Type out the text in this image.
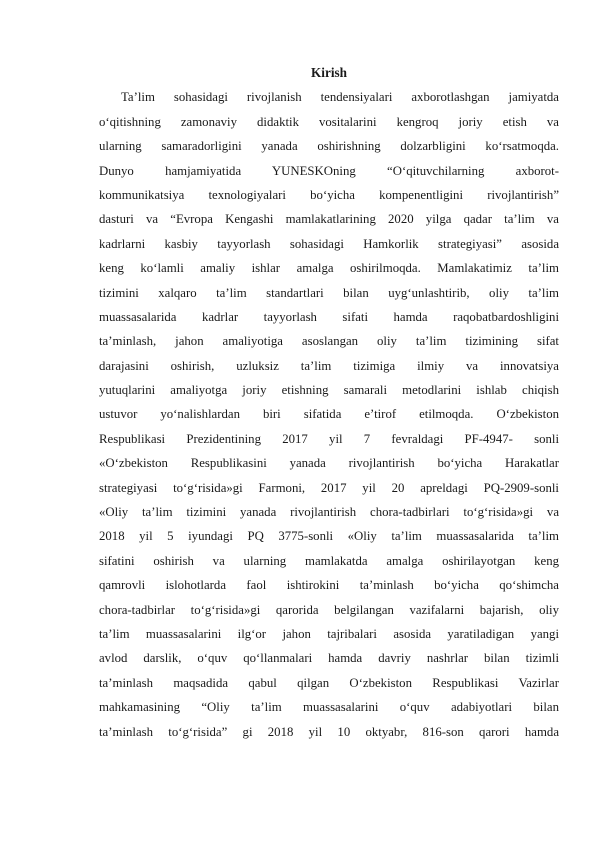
Kirish
Ta’lim sohasidagi rivojlanish tendensiyalari axborotlashgan jamiyatda
o‘qitishning zamonaviy didaktik vositalarini kengroq joriy etish va
ularning samaradorligini yanada oshirishning dolzarbligini ko‘rsatmoqda.
Dunyo hamjamiyatida YUNESKOning “O‘qituvchilarning axborot-
kommunikatsiya texnologiyalari bo‘yicha kompenentligini rivojlantirish”
dasturi va “Evropa Kengashi mamlakatlarining 2020 yilga qadar ta’lim va
kadrlarni kasbiy tayyorlash sohasidagi Hamkorlik strategiyasi” asosida
keng ko‘lamli amaliy ishlar amalga oshirilmoqda. Mamlakatimiz ta’lim
tizimini xalqaro ta’lim standartlari bilan uyg‘unlashtirib, oliy ta’lim
muassasalarida kadrlar tayyorlash sifati hamda raqobatbardoshligini
ta’minlash, jahon amaliyotiga asoslangan oliy ta’lim tizimining sifat
darajasini oshirish, uzluksiz ta’lim tizimiga ilmiy va innovatsiya
yutuqlarini amaliyotga joriy etishning samarali metodlarini ishlab chiqish
ustuvor yo‘nalishlardan biri sifatida e’tirof etilmoqda. O‘zbekiston
Respublikasi Prezidentining 2017 yil 7 fevraldagi PF-4947- sonli
«O‘zbekiston Respublikasini yanada rivojlantirish bo‘yicha Harakatlar
strategiyasi to‘g‘risida»gi Farmoni, 2017 yil 20 apreldagi PQ-2909-sonli
«Oliy ta’lim tizimini yanada rivojlantirish chora-tadbirlari to‘g‘risida»gi va
2018 yil 5 iyundagi PQ 3775-sonli «Oliy ta’lim muassasalarida ta’lim
sifatini oshirish va ularning mamlakatda amalga oshirilayotgan keng
qamrovli islohotlarda faol ishtirokini ta’minlash bo‘yicha qo‘shimcha
chora-tadbirlar to‘g‘risida»gi qarorida belgilangan vazifalarni bajarish, oliy
ta’lim muassasalarini ilg‘or jahon tajribalari asosida yaratiladigan yangi
avlod darslik, o‘quv qo‘llanmalari hamda davriy nashrlar bilan tizimli
ta’minlash maqsadida qabul qilgan O‘zbekiston Respublikasi Vazirlar
mahkamasining “Oliy ta’lim muassasalarini o‘quv adabiyotlari bilan
ta’minlash to‘g‘risida” gi 2018 yil 10 oktyabr, 816-son qarori hamda
